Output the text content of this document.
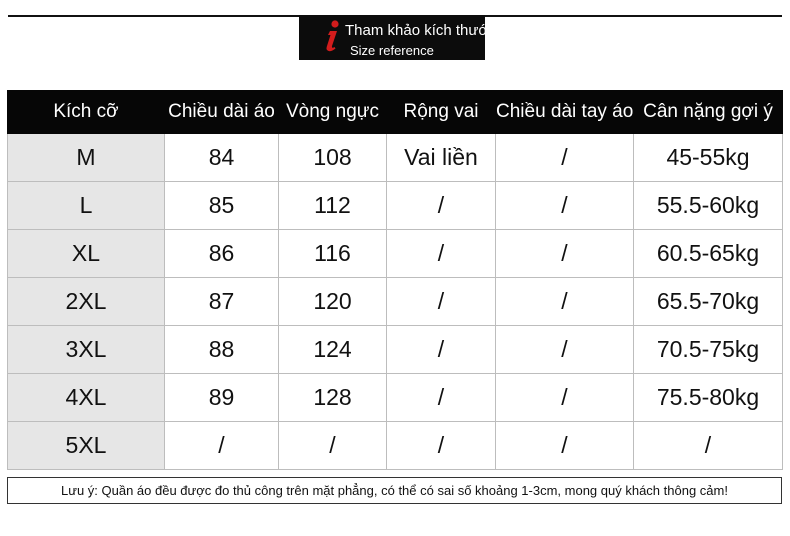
Tham khảo kích thước
Size reference
Kích cỡ	Chiều dài áo	Vòng ngực	Rộng vai	Chiều dài tay áo	Cân nặng gợi ý
M	84	108	Vai liền	/	45-55kg
L	85	112	/	/	55.5-60kg
XL	86	116	/	/	60.5-65kg
2XL	87	120	/	/	65.5-70kg
3XL	88	124	/	/	70.5-75kg
4XL	89	128	/	/	75.5-80kg
5XL	/	/	/	/	/
Lưu ý: Quần áo đều được đo thủ công trên mặt phẳng, có thể có sai số khoảng 1-3cm, mong quý khách thông cảm!
